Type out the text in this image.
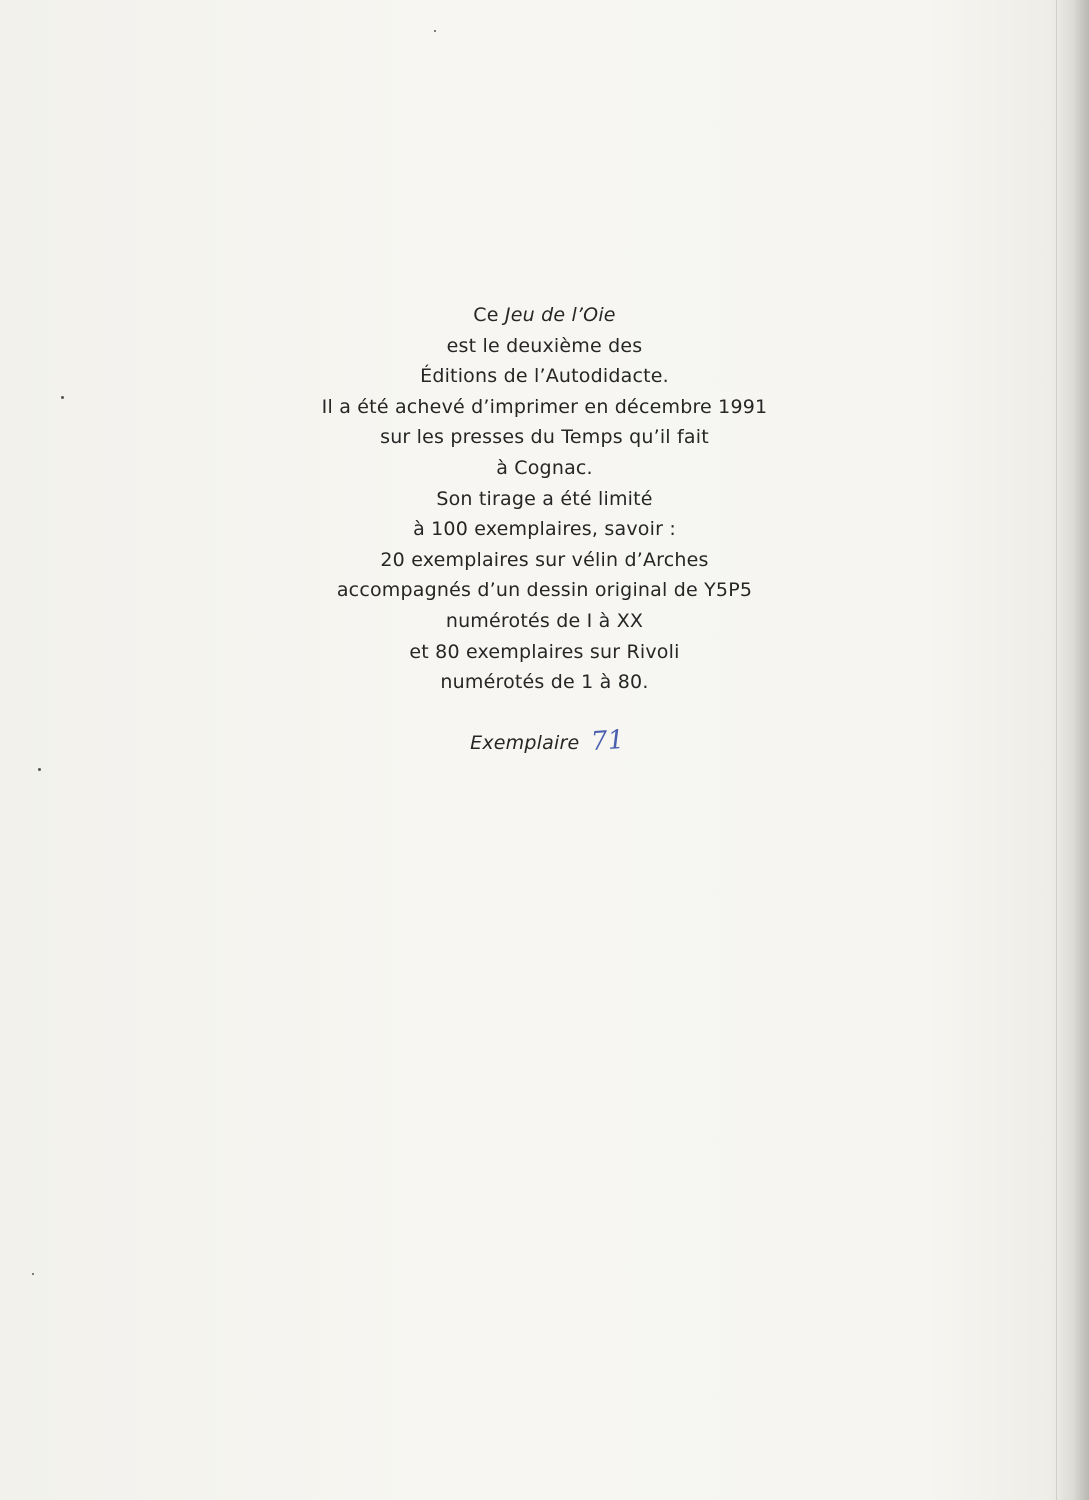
Ce Jeu de l’Oie
est le deuxième des
Éditions de l’Autodidacte.
Il a été achevé d’imprimer en décembre 1991
sur les presses du Temps qu’il fait
à Cognac.
Son tirage a été limité
à 100 exemplaires, savoir :
20 exemplaires sur vélin d’Arches
accompagnés d’un dessin original de Y5P5
numérotés de I à XX
et 80 exemplaires sur Rivoli
numérotés de 1 à 80.
Exemplaire 71
